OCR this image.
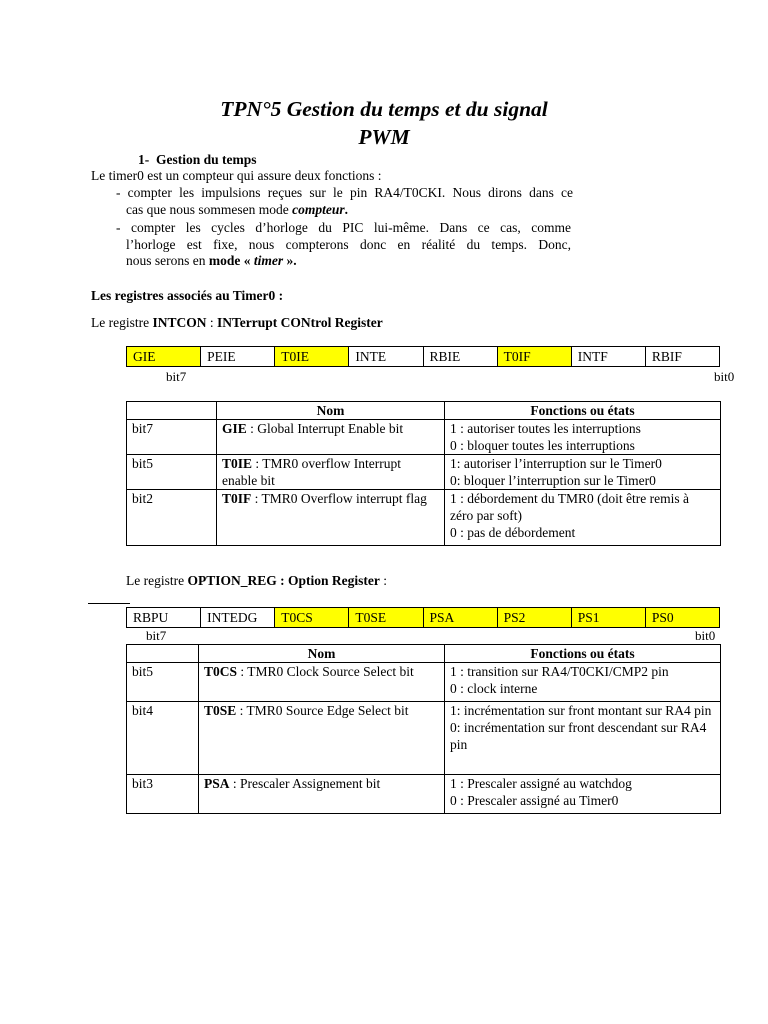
TPN°5 Gestion du temps et du signal
PWM
1- Gestion du temps
Le timer0 est un compteur qui assure deux fonctions :
- compter les impulsions reçues sur le pin RA4/T0CKI. Nous dirons dans ce
cas que nous sommesen mode compteur.
- compter les cycles d’horloge du PIC lui-même. Dans ce cas, comme
l’horloge est fixe, nous compterons donc en réalité du temps. Donc,
nous serons en mode « timer ».
Les registres associés au Timer0 :
Le registre INTCON : INTerrupt CONtrol Register
GIE	PEIE	T0IE	INTE	RBIE	T0IF	INTF	RBIF
bit7	bit0
	Nom	Fonctions ou états
bit7	GIE : Global Interrupt Enable bit	1 : autoriser toutes les interruptions
0 : bloquer toutes les interruptions

bit5	T0IE : TMR0 overflow Interrupt enable bit	1: autoriser l’interruption sur le Timer0
0: bloquer l’interruption sur le Timer0

bit2	T0IF : TMR0 Overflow interrupt flag	1 : débordement du TMR0 (doit être remis à zéro par soft)
0 : pas de débordement
Le registre OPTION_REG : Option Register :
RBPU	INTEDG	T0CS	T0SE	PSA	PS2	PS1	PS0
bit7	bit0
	Nom	Fonctions ou états
bit5	T0CS : TMR0 Clock Source Select bit	1 : transition sur RA4/T0CKI/CMP2 pin
0 : clock interne

bit4	T0SE : TMR0 Source Edge Select bit	1: incrémentation sur front montant sur RA4 pin
0: incrémentation sur front descendant sur RA4 pin

bit3	PSA : Prescaler Assignement bit	1 : Prescaler assigné au watchdog
0 : Prescaler assigné au Timer0
